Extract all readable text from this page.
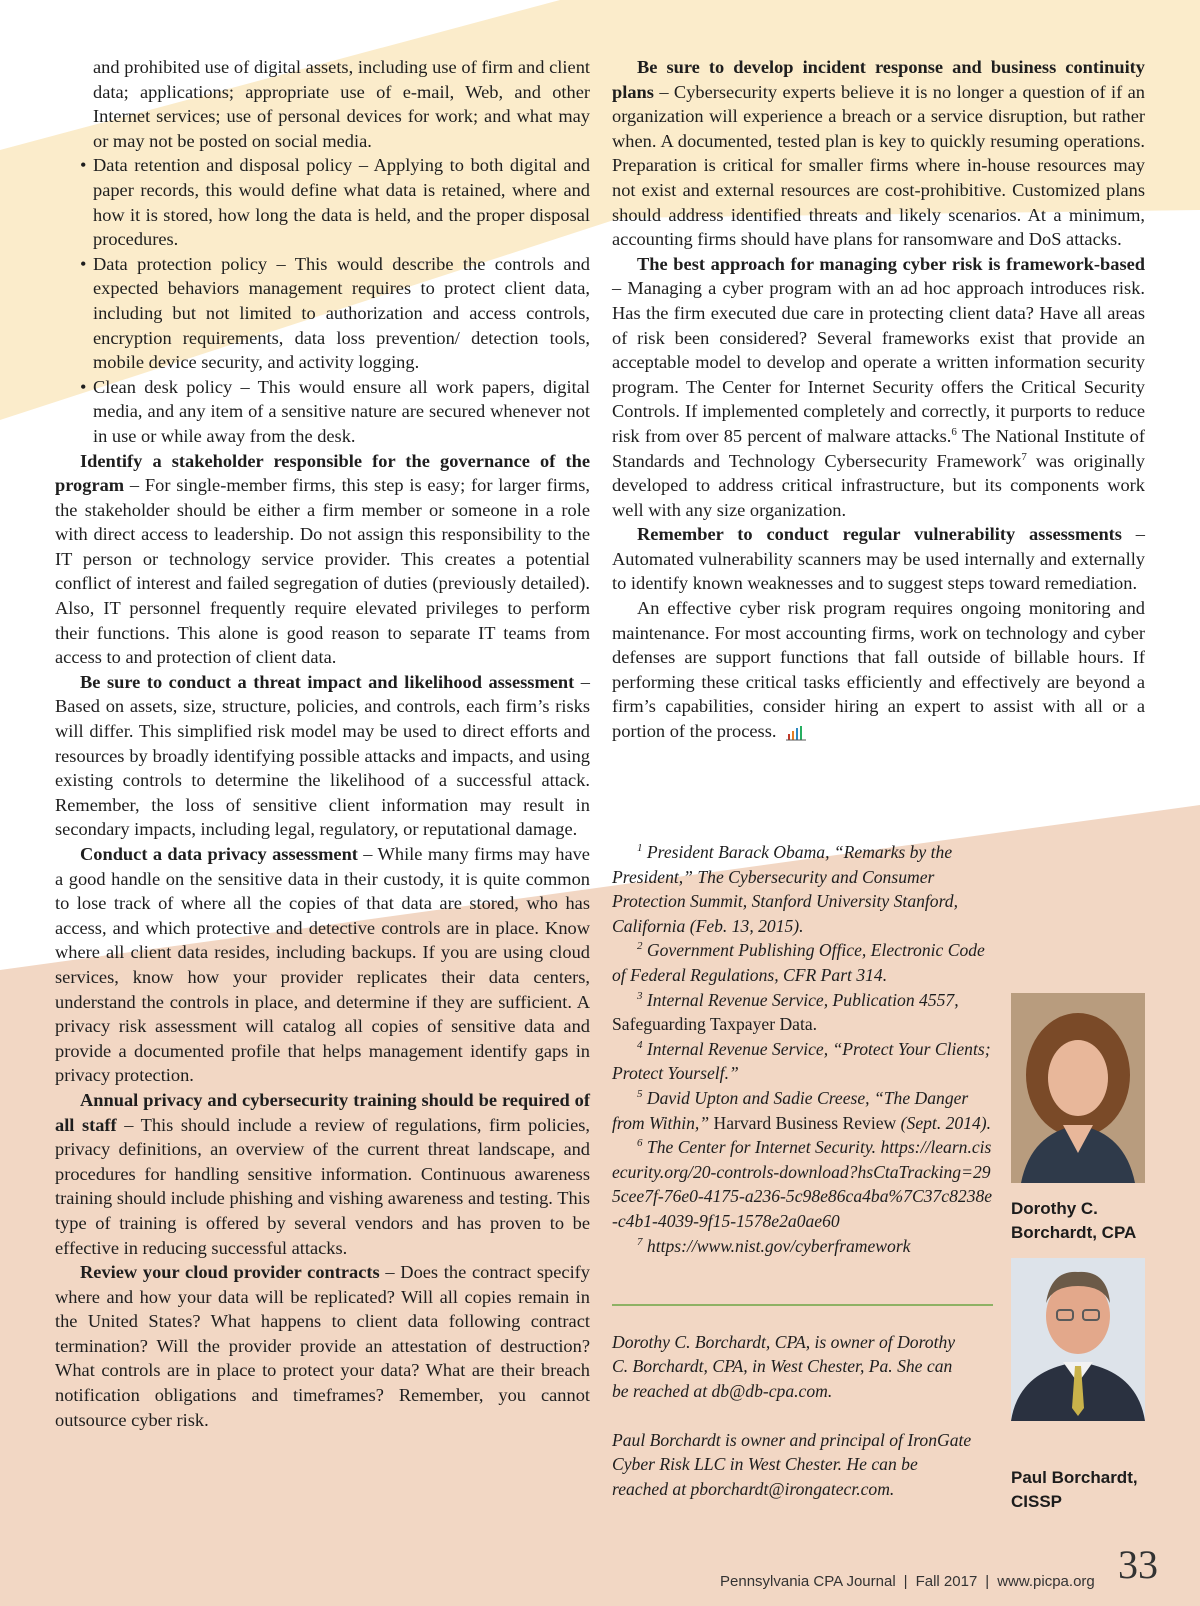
and prohibited use of digital assets, including use of firm and client data; applications; appropriate use of e-mail, Web, and other Internet services; use of personal devices for work; and what may or may not be posted on social media.

• Data retention and disposal policy – Applying to both digital and paper records, this would define what data is retained, where and how it is stored, how long the data is held, and the proper disposal procedures.
• Data protection policy – This would describe the controls and expected behaviors management requires to protect client data, including but not limited to authorization and access controls, encryption requirements, data loss prevention/ detection tools, mobile device security, and activity logging.
• Clean desk policy – This would ensure all work papers, digital media, and any item of a sensitive nature are secured whenever not in use or while away from the desk.

Identify a stakeholder responsible for the governance of the program – For single-member firms, this step is easy; for larger firms, the stakeholder should be either a firm member or someone in a role with direct access to leadership. Do not assign this responsibility to the IT person or technology service provider. This creates a potential conflict of interest and failed segregation of duties (previously detailed). Also, IT personnel frequently require elevated privileges to perform their functions. This alone is good reason to separate IT teams from access to and protection of client data.

Be sure to conduct a threat impact and likelihood assessment – Based on assets, size, structure, policies, and controls, each firm’s risks will differ. This simplified risk model may be used to direct efforts and resources by broadly identifying possible attacks and impacts, and using existing controls to determine the likelihood of a successful attack. Remember, the loss of sensitive client information may result in secondary impacts, including legal, regulatory, or reputational damage.

Conduct a data privacy assessment – While many firms may have a good handle on the sensitive data in their custody, it is quite common to lose track of where all the copies of that data are stored, who has access, and which protective and detective controls are in place. Know where all client data resides, including backups. If you are using cloud services, know how your provider replicates their data centers, understand the controls in place, and determine if they are sufficient. A privacy risk assessment will catalog all copies of sensitive data and provide a documented profile that helps management identify gaps in privacy protection.

Annual privacy and cybersecurity training should be required of all staff – This should include a review of regulations, firm policies, privacy definitions, an overview of the current threat landscape, and procedures for handling sensitive information. Continuous awareness training should include phishing and vishing awareness and testing. This type of training is offered by several vendors and has proven to be effective in reducing successful attacks.

Review your cloud provider contracts – Does the contract specify where and how your data will be replicated? Will all copies remain in the United States? What happens to client data following contract termination? Will the provider provide an attestation of destruction? What controls are in place to protect your data? What are their breach notification obligations and timeframes? Remember, you cannot outsource cyber risk.

Be sure to develop incident response and business continuity plans – Cybersecurity experts believe it is no longer a question of if an organization will experience a breach or a service disruption, but rather when. A documented, tested plan is key to quickly resuming operations. Preparation is critical for smaller firms where in-house resources may not exist and external resources are cost-prohibitive. Customized plans should address identified threats and likely scenarios. At a minimum, accounting firms should have plans for ransomware and DoS attacks.

The best approach for managing cyber risk is framework-based – Managing a cyber program with an ad hoc approach introduces risk. Has the firm executed due care in protecting client data? Have all areas of risk been considered? Several frameworks exist that provide an acceptable model to develop and operate a written information security program. The Center for Internet Security offers the Critical Security Controls. If implemented completely and correctly, it purports to reduce risk from over 85 percent of malware attacks.$^6$ The National Institute of Standards and Technology Cybersecurity Framework$^7$ was originally developed to address critical infrastructure, but its components work well with any size organization.

Remember to conduct regular vulnerability assessments – Automated vulnerability scanners may be used internally and externally to identify known weaknesses and to suggest steps toward remediation.

An effective cyber risk program requires ongoing monitoring and maintenance. For most accounting firms, work on technology and cyber defenses are support functions that fall outside of billable hours. If performing these critical tasks efficiently and effectively are beyond a firm’s capabilities, consider hiring an expert to assist with all or a portion of the process.

$^1$ President Barack Obama, “Remarks by the President,” The Cybersecurity and Consumer Protection Summit, Stanford University Stanford, California (Feb. 13, 2015).

$^2$ Government Publishing Office, Electronic Code of Federal Regulations, CFR Part 314.

$^3$ Internal Revenue Service, Publication 4557,

Safeguarding Taxpayer Data.

$^4$ Internal Revenue Service, “Protect Your Clients; Protect Yourself.”

$^5$ David Upton and Sadie Creese, “The Danger from Within,” Harvard Business Review (Sept. 2014).

$^6$ The Center for Internet Security. https://learn.cisecurity.org/20-controls-download?hsCtaTracking=295cee7f-76e0-4175-a236-5c98e86ca4ba%7C37c8238e-c4b1-4039-9f15-1578e2a0ae60

$^7$ https://www.nist.gov/cyberframework

Dorothy C. Borchardt, CPA, is owner of Dorothy C. Borchardt, CPA, in West Chester, Pa. She can be reached at db@db-cpa.com.

Paul Borchardt is owner and principal of IronGate Cyber Risk LLC in West Chester. He can be reached at pborchardt@irongatecr.com.

Dorothy C.
Borchardt, CPA
Paul Borchardt,
CISSP
Pennsylvania CPA Journal | Fall 2017 | www.picpa.org 33
